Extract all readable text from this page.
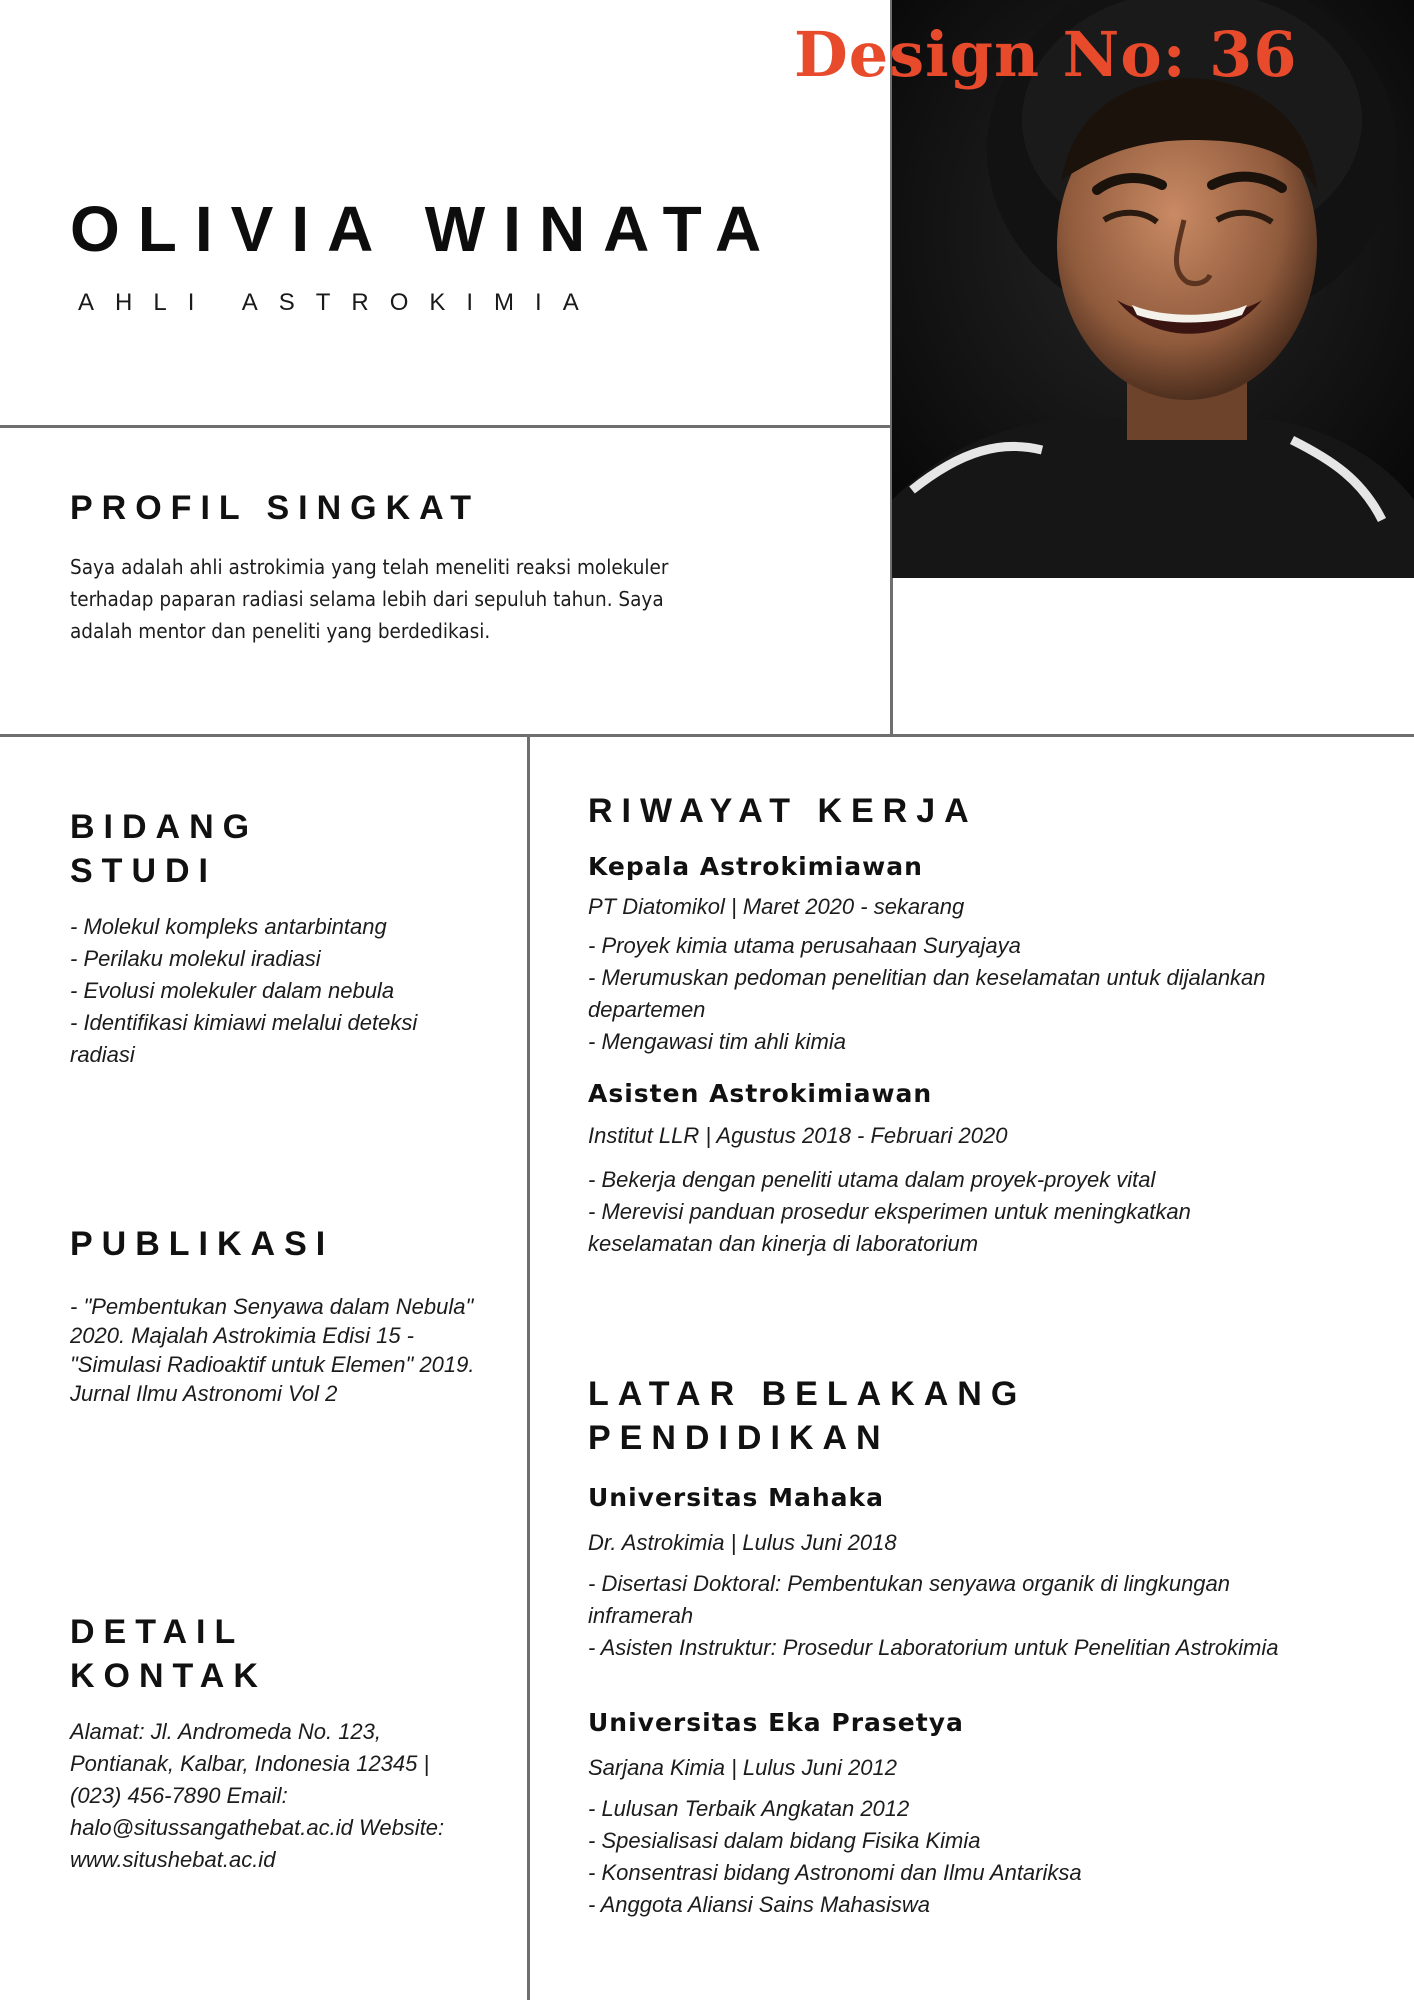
Design No: 36
OLIVIA WINATA
AHLI ASTROKIMIA
PROFIL SINGKAT
Saya adalah ahli astrokimia yang telah meneliti reaksi molekuler
terhadap paparan radiasi selama lebih dari sepuluh tahun. Saya
adalah mentor dan peneliti yang berdedikasi.
BIDANG
STUDI
- Molekul kompleks antarbintang
- Perilaku molekul iradiasi
- Evolusi molekuler dalam nebula
- Identifikasi kimiawi melalui deteksi
radiasi
PUBLIKASI
- "Pembentukan Senyawa dalam Nebula"
2020. Majalah Astrokimia Edisi 15 -
"Simulasi Radioaktif untuk Elemen" 2019.
Jurnal Ilmu Astronomi Vol 2
DETAIL
KONTAK
Alamat: Jl. Andromeda No. 123,
Pontianak, Kalbar, Indonesia 12345 |
(023) 456-7890 Email:
halo@situssangathebat.ac.id Website:
www.situshebat.ac.id
RIWAYAT KERJA
Kepala Astrokimiawan
PT Diatomikol | Maret 2020 - sekarang
- Proyek kimia utama perusahaan Suryajaya
- Merumuskan pedoman penelitian dan keselamatan untuk dijalankan
departemen
- Mengawasi tim ahli kimia
Asisten Astrokimiawan
Institut LLR | Agustus 2018 - Februari 2020
- Bekerja dengan peneliti utama dalam proyek-proyek vital
- Merevisi panduan prosedur eksperimen untuk meningkatkan
keselamatan dan kinerja di laboratorium
LATAR BELAKANG
PENDIDIKAN
Universitas Mahaka
Dr. Astrokimia | Lulus Juni 2018
- Disertasi Doktoral: Pembentukan senyawa organik di lingkungan
inframerah
- Asisten Instruktur: Prosedur Laboratorium untuk Penelitian Astrokimia
Universitas Eka Prasetya
Sarjana Kimia | Lulus Juni 2012
- Lulusan Terbaik Angkatan 2012
- Spesialisasi dalam bidang Fisika Kimia
- Konsentrasi bidang Astronomi dan Ilmu Antariksa
- Anggota Aliansi Sains Mahasiswa
